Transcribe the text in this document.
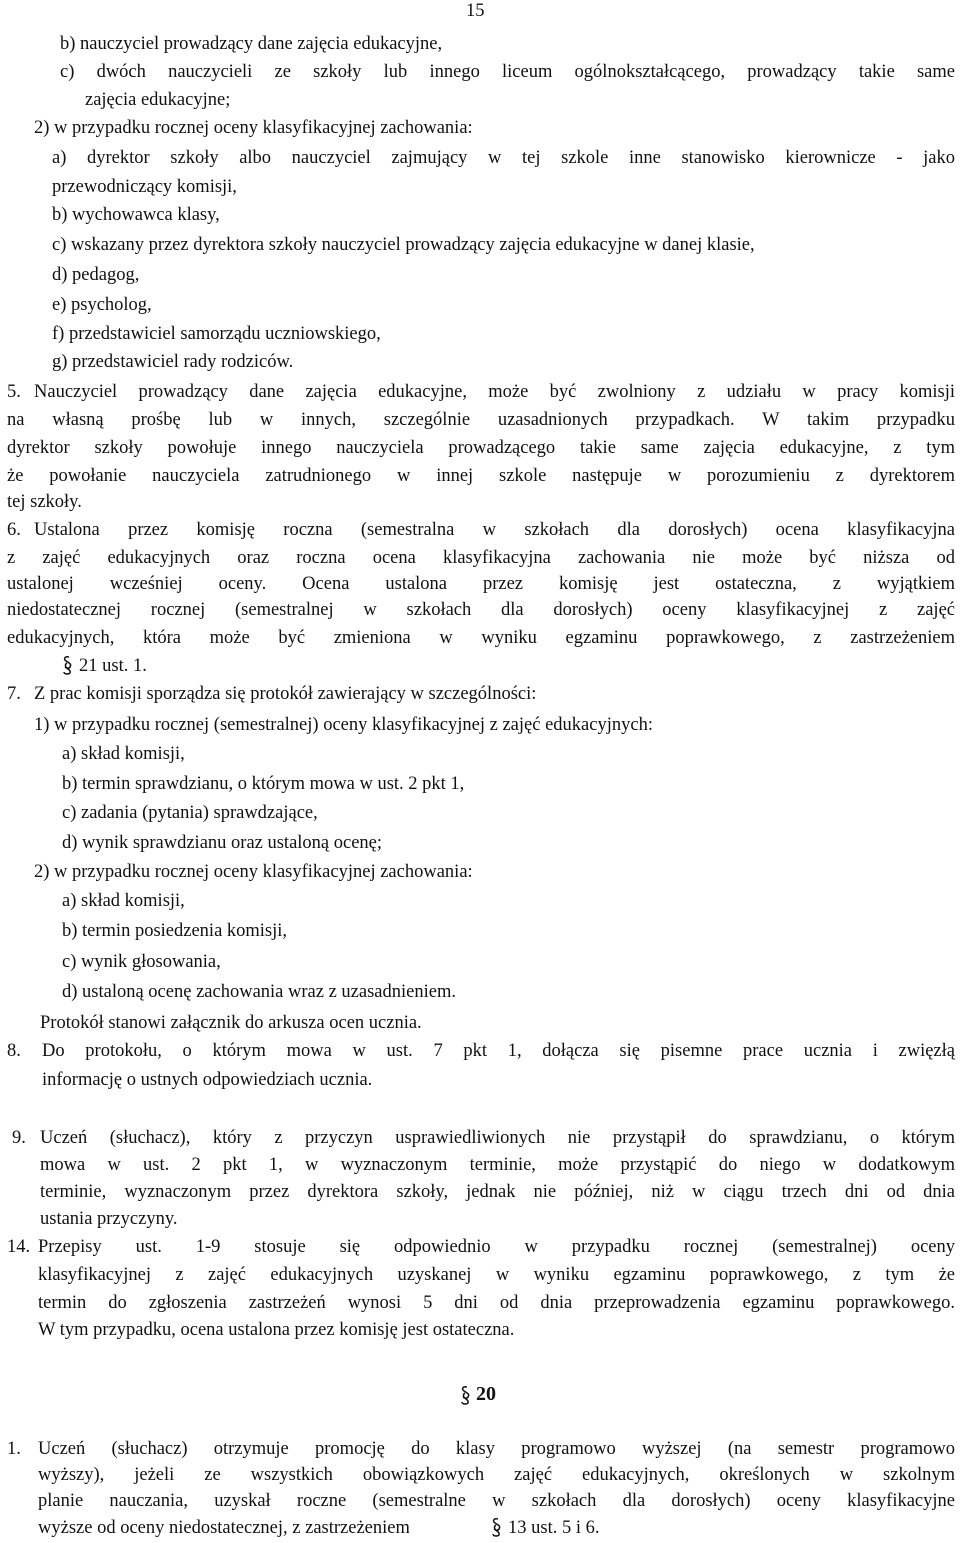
15
b) nauczyciel prowadzący dane zajęcia edukacyjne,
c) dwóch nauczycieli ze szkoły lub innego liceum ogólnokształcącego, prowadzący takie same
zajęcia edukacyjne;
2) w przypadku rocznej oceny klasyfikacyjnej zachowania:
a) dyrektor szkoły albo nauczyciel zajmujący w tej szkole inne stanowisko kierownicze - jako
przewodniczący komisji,
b) wychowawca klasy,
c) wskazany przez dyrektora szkoły nauczyciel prowadzący zajęcia edukacyjne w danej klasie,
d) pedagog,
e) psycholog,
f) przedstawiciel samorządu uczniowskiego,
g) przedstawiciel rady rodziców.
5. Nauczyciel prowadzący dane zajęcia edukacyjne, może być zwolniony z udziału w pracy komisji
na własną prośbę lub w innych, szczególnie uzasadnionych przypadkach. W takim przypadku
dyrektor szkoły powołuje innego nauczyciela prowadzącego takie same zajęcia edukacyjne, z tym
że powołanie nauczyciela zatrudnionego w innej szkole następuje w porozumieniu z dyrektorem
tej szkoły.
6. Ustalona przez komisję roczna (semestralna w szkołach dla dorosłych) ocena klasyfikacyjna
z zajęć edukacyjnych oraz roczna ocena klasyfikacyjna zachowania nie może być niższa od
ustalonej wcześniej oceny. Ocena ustalona przez komisję jest ostateczna, z wyjątkiem
niedostatecznej rocznej (semestralnej w szkołach dla dorosłych) oceny klasyfikacyjnej z zajęć
edukacyjnych, która może być zmieniona w wyniku egzaminu poprawkowego, z zastrzeżeniem
21 ust. 1.
7. Z prac komisji sporządza się protokół zawierający w szczególności:
1) w przypadku rocznej (semestralnej) oceny klasyfikacyjnej z zajęć edukacyjnych:
a) skład komisji,
b) termin sprawdzianu, o którym mowa w ust. 2 pkt 1,
c) zadania (pytania) sprawdzające,
d) wynik sprawdzianu oraz ustaloną ocenę;
2) w przypadku rocznej oceny klasyfikacyjnej zachowania:
a) skład komisji,
b) termin posiedzenia komisji,
c) wynik głosowania,
d) ustaloną ocenę zachowania wraz z uzasadnieniem.
Protokół stanowi załącznik do arkusza ocen ucznia.
8. Do protokołu, o którym mowa w ust. 7 pkt 1, dołącza się pisemne prace ucznia i zwięzłą
informację o ustnych odpowiedziach ucznia.
9. Uczeń (słuchacz), który z przyczyn usprawiedliwionych nie przystąpił do sprawdzianu, o którym
mowa w ust. 2 pkt 1, w wyznaczonym terminie, może przystąpić do niego w dodatkowym
terminie, wyznaczonym przez dyrektora szkoły, jednak nie później, niż w ciągu trzech dni od dnia
ustania przyczyny.
14. Przepisy ust. 1-9 stosuje się odpowiednio w przypadku rocznej (semestralnej) oceny
klasyfikacyjnej z zajęć edukacyjnych uzyskanej w wyniku egzaminu poprawkowego, z tym że
termin do zgłoszenia zastrzeżeń wynosi 5 dni od dnia przeprowadzenia egzaminu poprawkowego.
W tym przypadku, ocena ustalona przez komisję jest ostateczna.
20
1. Uczeń (słuchacz) otrzymuje promocję do klasy programowo wyższej (na semestr programowo
wyższy), jeżeli ze wszystkich obowiązkowych zajęć edukacyjnych, określonych w szkolnym
planie nauczania, uzyskał roczne (semestralne w szkołach dla dorosłych) oceny klasyfikacyjne
wyższe od oceny niedostatecznej, z zastrzeżeniem	13 ust. 5 i 6.
